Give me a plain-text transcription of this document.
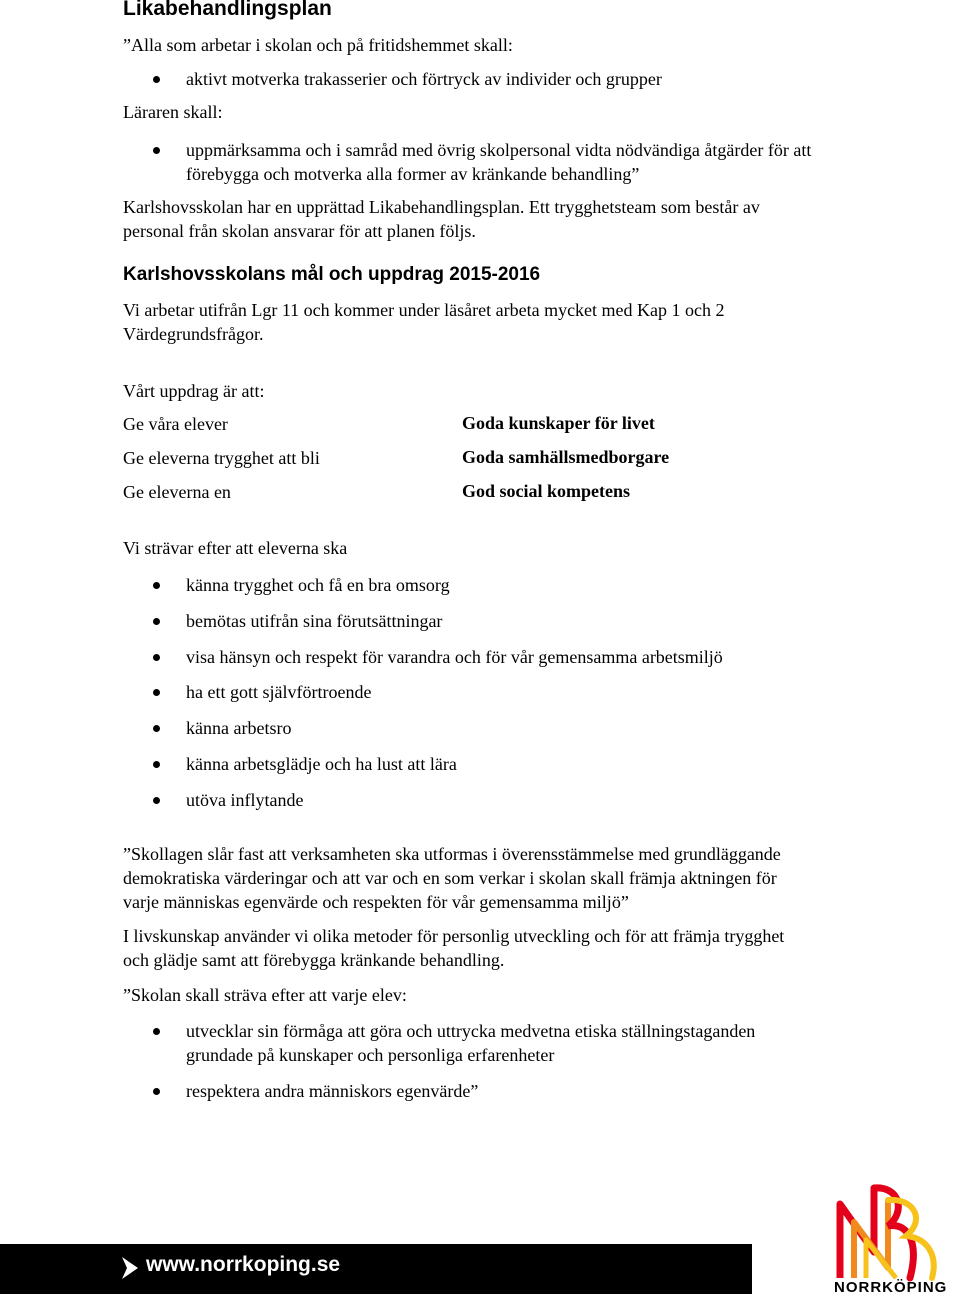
Likabehandlingsplan
”Alla som arbetar i skolan och på fritidshemmet skall:
aktivt motverka trakasserier och förtryck av individer och grupper
Läraren skall:
uppmärksamma och i samråd med övrig skolpersonal vidta nödvändiga åtgärder för att
förebygga och motverka alla former av kränkande behandling”
Karlshovsskolan har en upprättad Likabehandlingsplan. Ett trygghetsteam som består av
personal från skolan ansvarar för att planen följs.
Karlshovsskolans mål och uppdrag 2015-2016
Vi arbetar utifrån Lgr 11 och kommer under läsåret arbeta mycket med Kap 1 och 2
Värdegrundsfrågor.
Vårt uppdrag är att:
Ge våra elever	Goda kunskaper för livet
Ge eleverna trygghet att bli	Goda samhällsmedborgare
Ge eleverna en	God social kompetens
Vi strävar efter att eleverna ska
känna trygghet och få en bra omsorg
bemötas utifrån sina förutsättningar
visa hänsyn och respekt för varandra och för vår gemensamma arbetsmiljö
ha ett gott självförtroende
känna arbetsro
känna arbetsglädje och ha lust att lära
utöva inflytande
”Skollagen slår fast att verksamheten ska utformas i överensstämmelse med grundläggande
demokratiska värderingar och att var och en som verkar i skolan skall främja aktningen för
varje människas egenvärde och respekten för vår gemensamma miljö”
I livskunskap använder vi olika metoder för personlig utveckling och för att främja trygghet
och glädje samt att förebygga kränkande behandling.
”Skolan skall sträva efter att varje elev:
utvecklar sin förmåga att göra och uttrycka medvetna etiska ställningstaganden
grundade på kunskaper och personliga erfarenheter
respektera andra människors egenvärde”
www.norrkoping.se
NORRKÖPING
